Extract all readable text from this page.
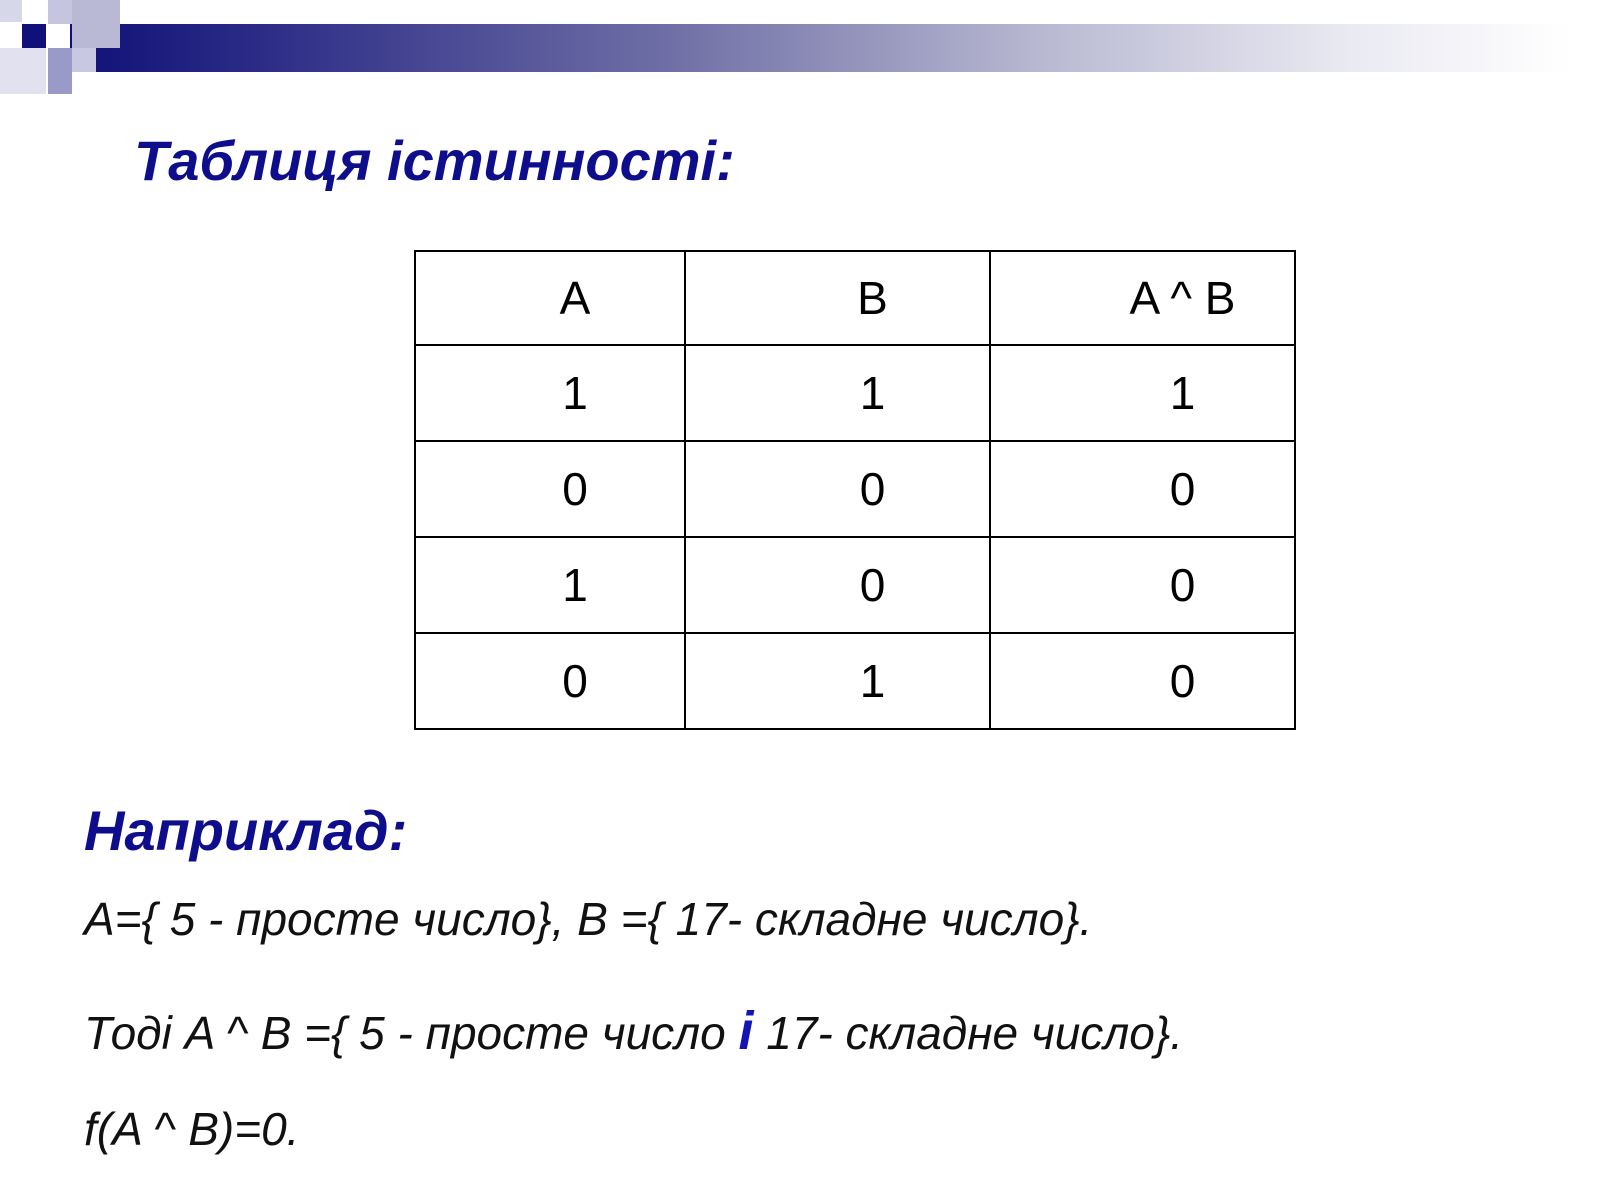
Таблиця істинності:
A	B	A ^ B
1	1	1
0	0	0
1	0	0
0	1	0
Наприклад:
A={ 5 - просте число}, B ={ 17- складне число}.
Тоді A ^ B ={ 5 - просте число і 17- складне число}.
f(A ^ B)=0.
